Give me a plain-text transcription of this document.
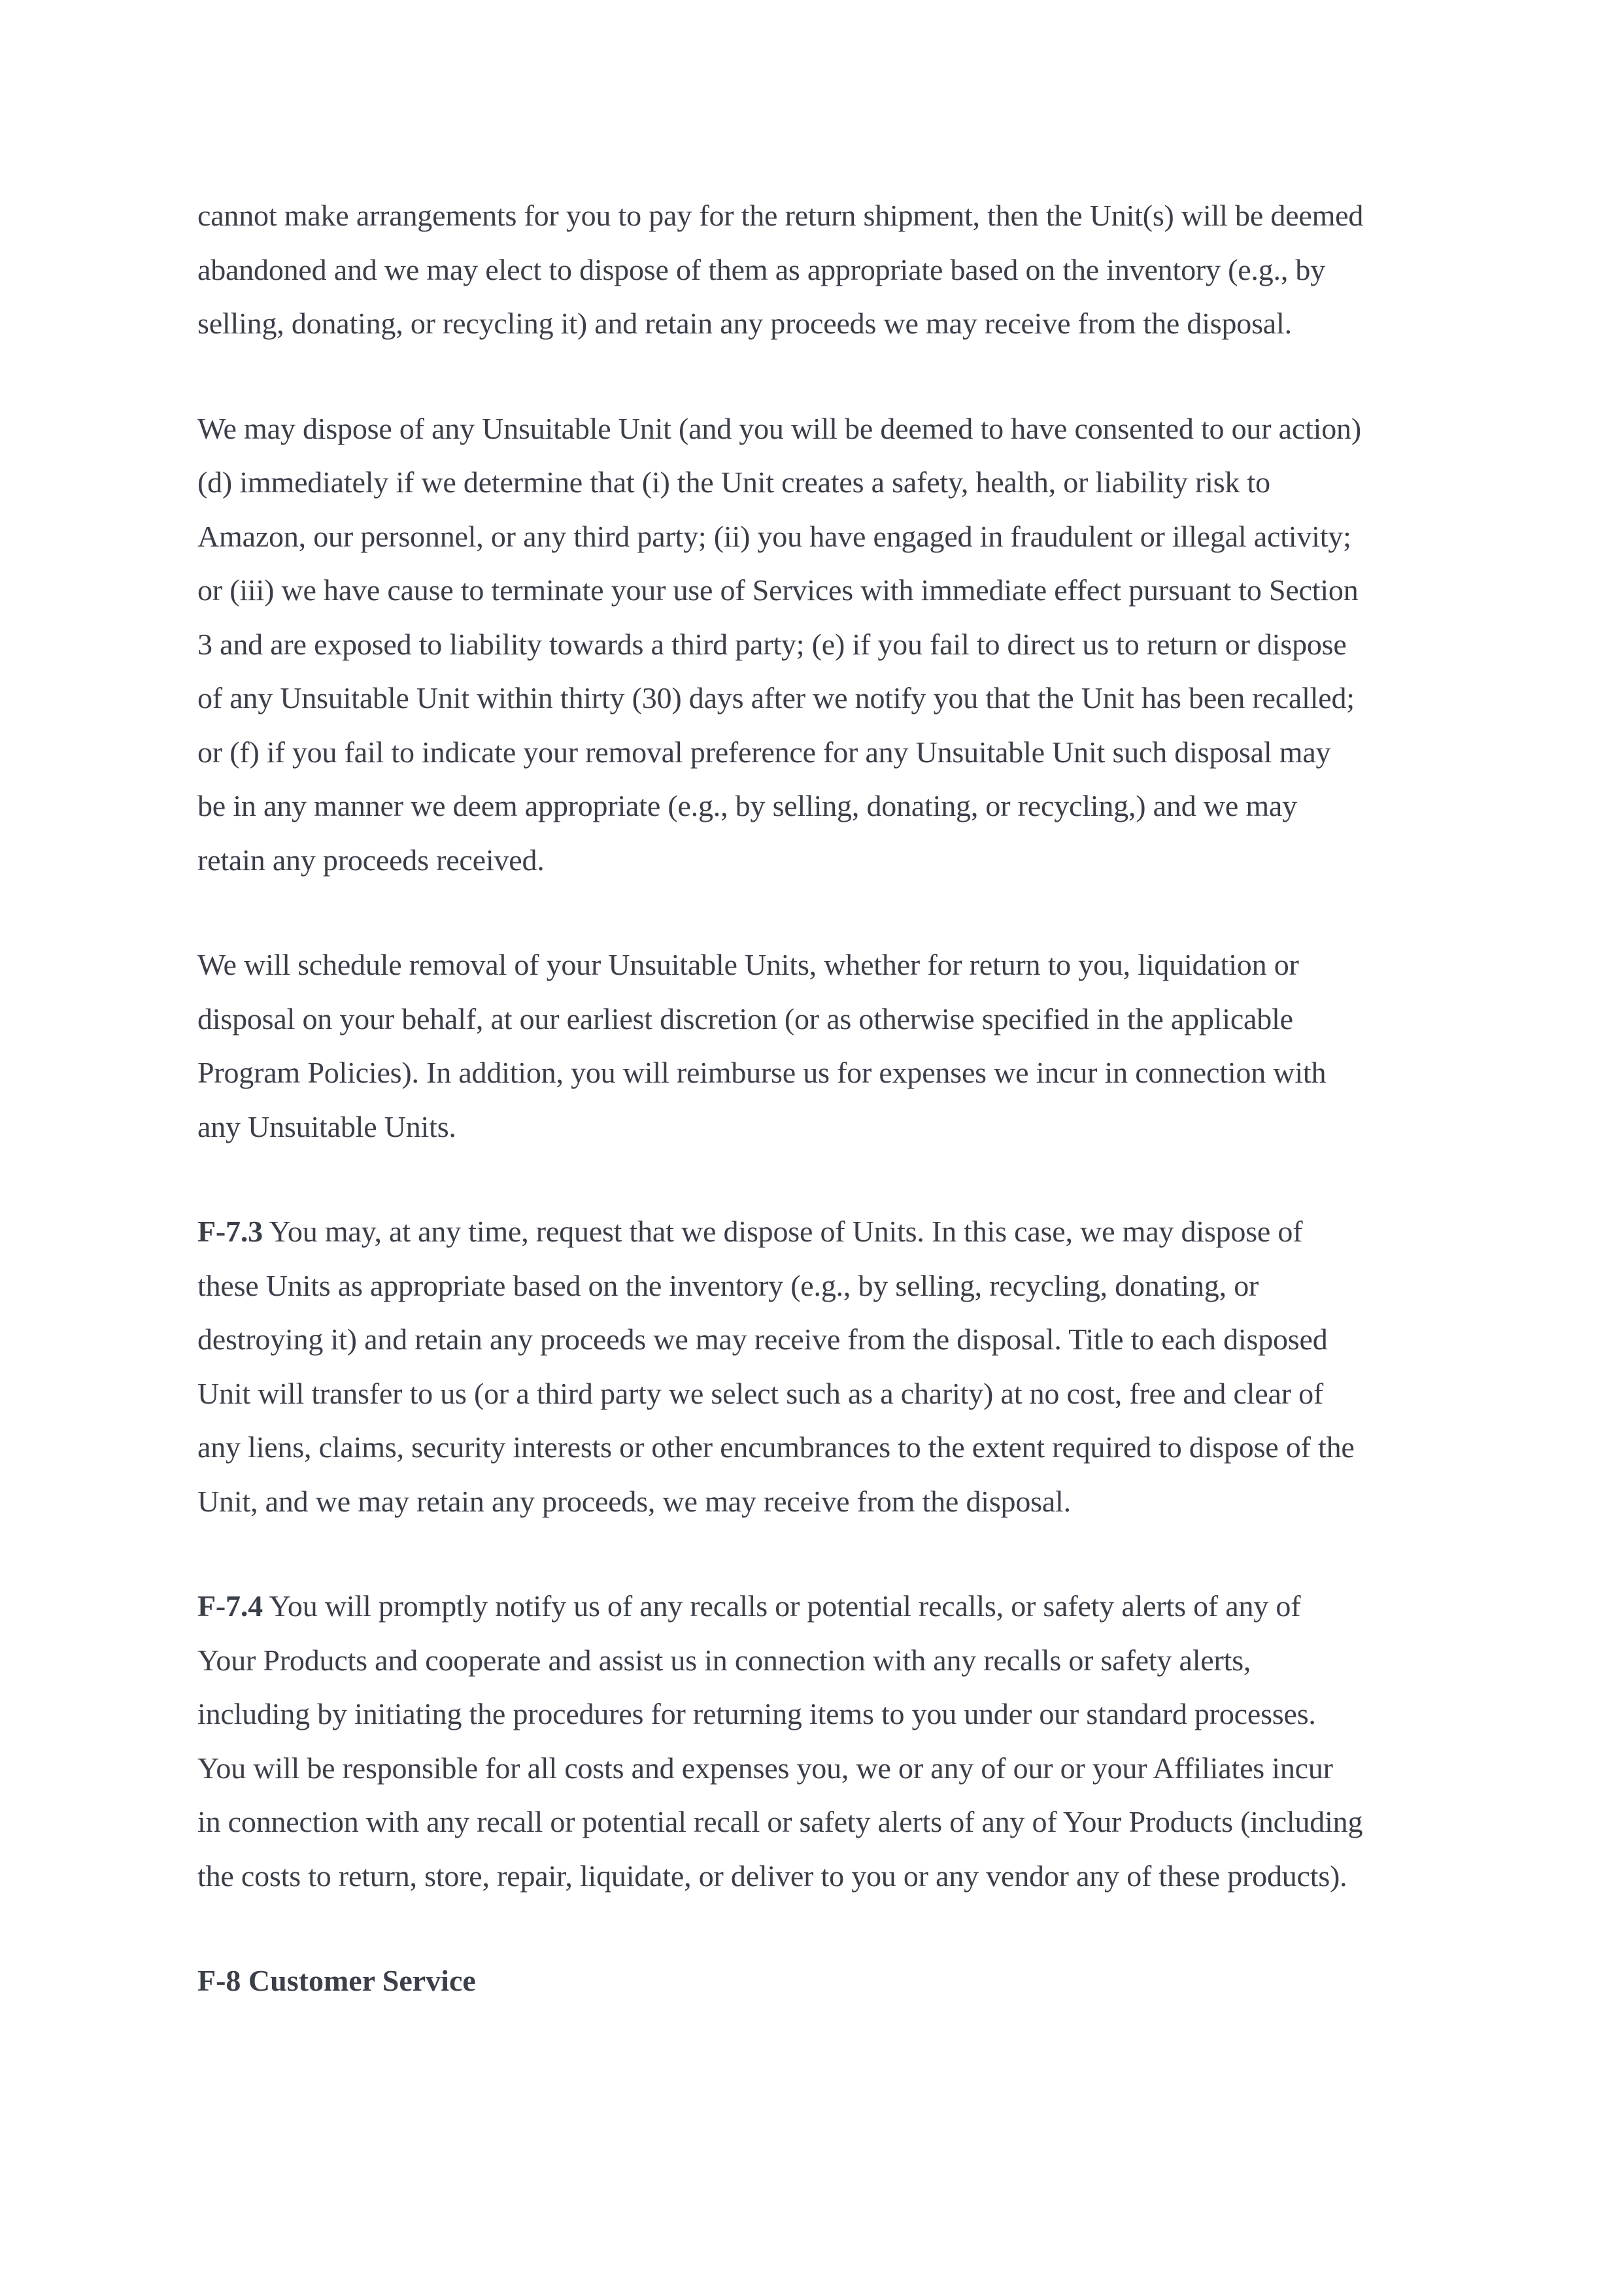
cannot make arrangements for you to pay for the return shipment, then the Unit(s) will be deemed
abandoned and we may elect to dispose of them as appropriate based on the inventory (e.g., by
selling, donating, or recycling it) and retain any proceeds we may receive from the disposal.

We may dispose of any Unsuitable Unit (and you will be deemed to have consented to our action)
(d) immediately if we determine that (i) the Unit creates a safety, health, or liability risk to
Amazon, our personnel, or any third party; (ii) you have engaged in fraudulent or illegal activity;
or (iii) we have cause to terminate your use of Services with immediate effect pursuant to Section
3 and are exposed to liability towards a third party; (e) if you fail to direct us to return or dispose
of any Unsuitable Unit within thirty (30) days after we notify you that the Unit has been recalled;
or (f) if you fail to indicate your removal preference for any Unsuitable Unit such disposal may
be in any manner we deem appropriate (e.g., by selling, donating, or recycling,) and we may
retain any proceeds received.

We will schedule removal of your Unsuitable Units, whether for return to you, liquidation or
disposal on your behalf, at our earliest discretion (or as otherwise specified in the applicable
Program Policies). In addition, you will reimburse us for expenses we incur in connection with
any Unsuitable Units.

F-7.3 You may, at any time, request that we dispose of Units. In this case, we may dispose of
these Units as appropriate based on the inventory (e.g., by selling, recycling, donating, or
destroying it) and retain any proceeds we may receive from the disposal. Title to each disposed
Unit will transfer to us (or a third party we select such as a charity) at no cost, free and clear of
any liens, claims, security interests or other encumbrances to the extent required to dispose of the
Unit, and we may retain any proceeds, we may receive from the disposal.

F-7.4 You will promptly notify us of any recalls or potential recalls, or safety alerts of any of
Your Products and cooperate and assist us in connection with any recalls or safety alerts,
including by initiating the procedures for returning items to you under our standard processes.
You will be responsible for all costs and expenses you, we or any of our or your Affiliates incur
in connection with any recall or potential recall or safety alerts of any of Your Products (including
the costs to return, store, repair, liquidate, or deliver to you or any vendor any of these products).

F-8 Customer Service
